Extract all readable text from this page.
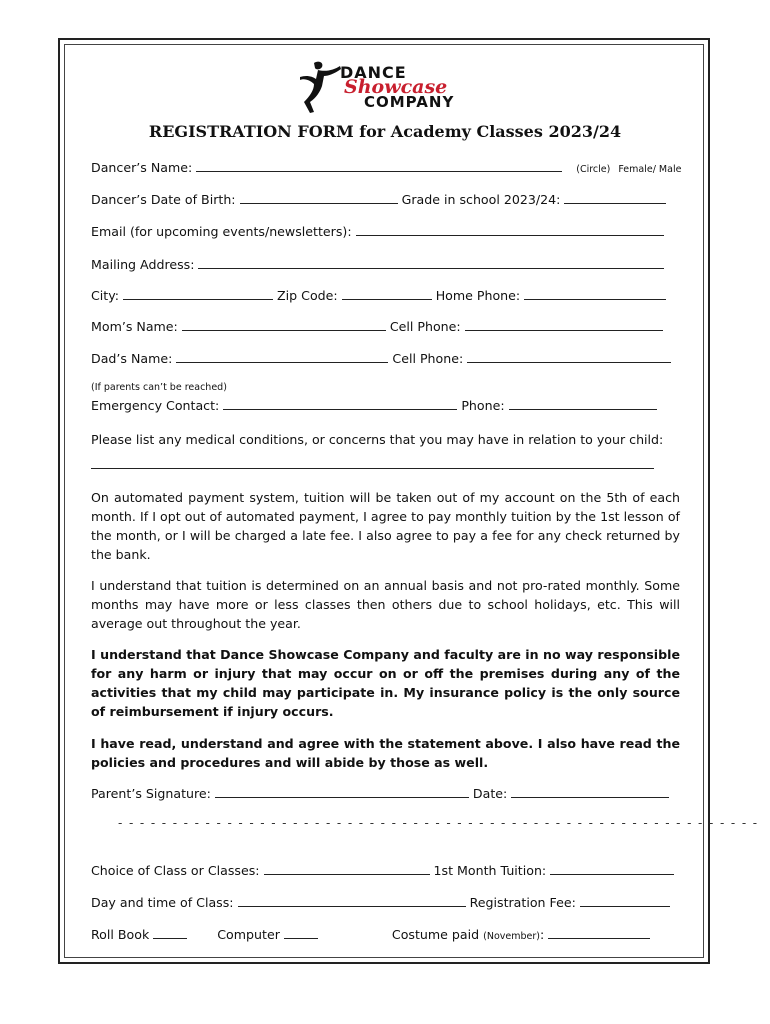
DANCE
Showcase
COMPANY
REGISTRATION FORM for Academy Classes 2023/24
Dancer’s Name:	(Circle) Female/ Male
Dancer’s Date of Birth:	Grade in school 2023/24:
Email (for upcoming events/newsletters):
Mailing Address:
City:	Zip Code:	Home Phone:
Mom’s Name:	Cell Phone:
Dad’s Name:	Cell Phone:
(If parents can’t be reached)
Emergency Contact:	Phone:
Please list any medical conditions, or concerns that you may have in relation to your child:
On automated payment system, tuition will be taken out of my account on the 5th of each month. If I opt out of automated payment, I agree to pay monthly tuition by the 1st lesson of the month, or I will be charged a late fee. I also agree to pay a fee for any check returned by the bank.
I understand that tuition is determined on an annual basis and not pro-rated monthly. Some months may have more or less classes then others due to school holidays, etc. This will average out throughout the year.
I understand that Dance Showcase Company and faculty are in no way responsible for any harm or injury that may occur on or off the premises during any of the activities that my child may participate in. My insurance policy is the only source of reimbursement if injury occurs.
I have read, understand and agree with the statement above. I also have read the policies and procedures and will abide by those as well.
Parent’s Signature:	Date:
- - - - - - - - - - - - - - - - - - - - - - - - - - - - - - - - - - - - - - - - - - - - - - - - - - - - - - - - - - -
Choice of Class or Classes:	1st Month Tuition:
Day and time of Class:	Registration Fee:
Roll Book	Computer	Costume paid (November):
